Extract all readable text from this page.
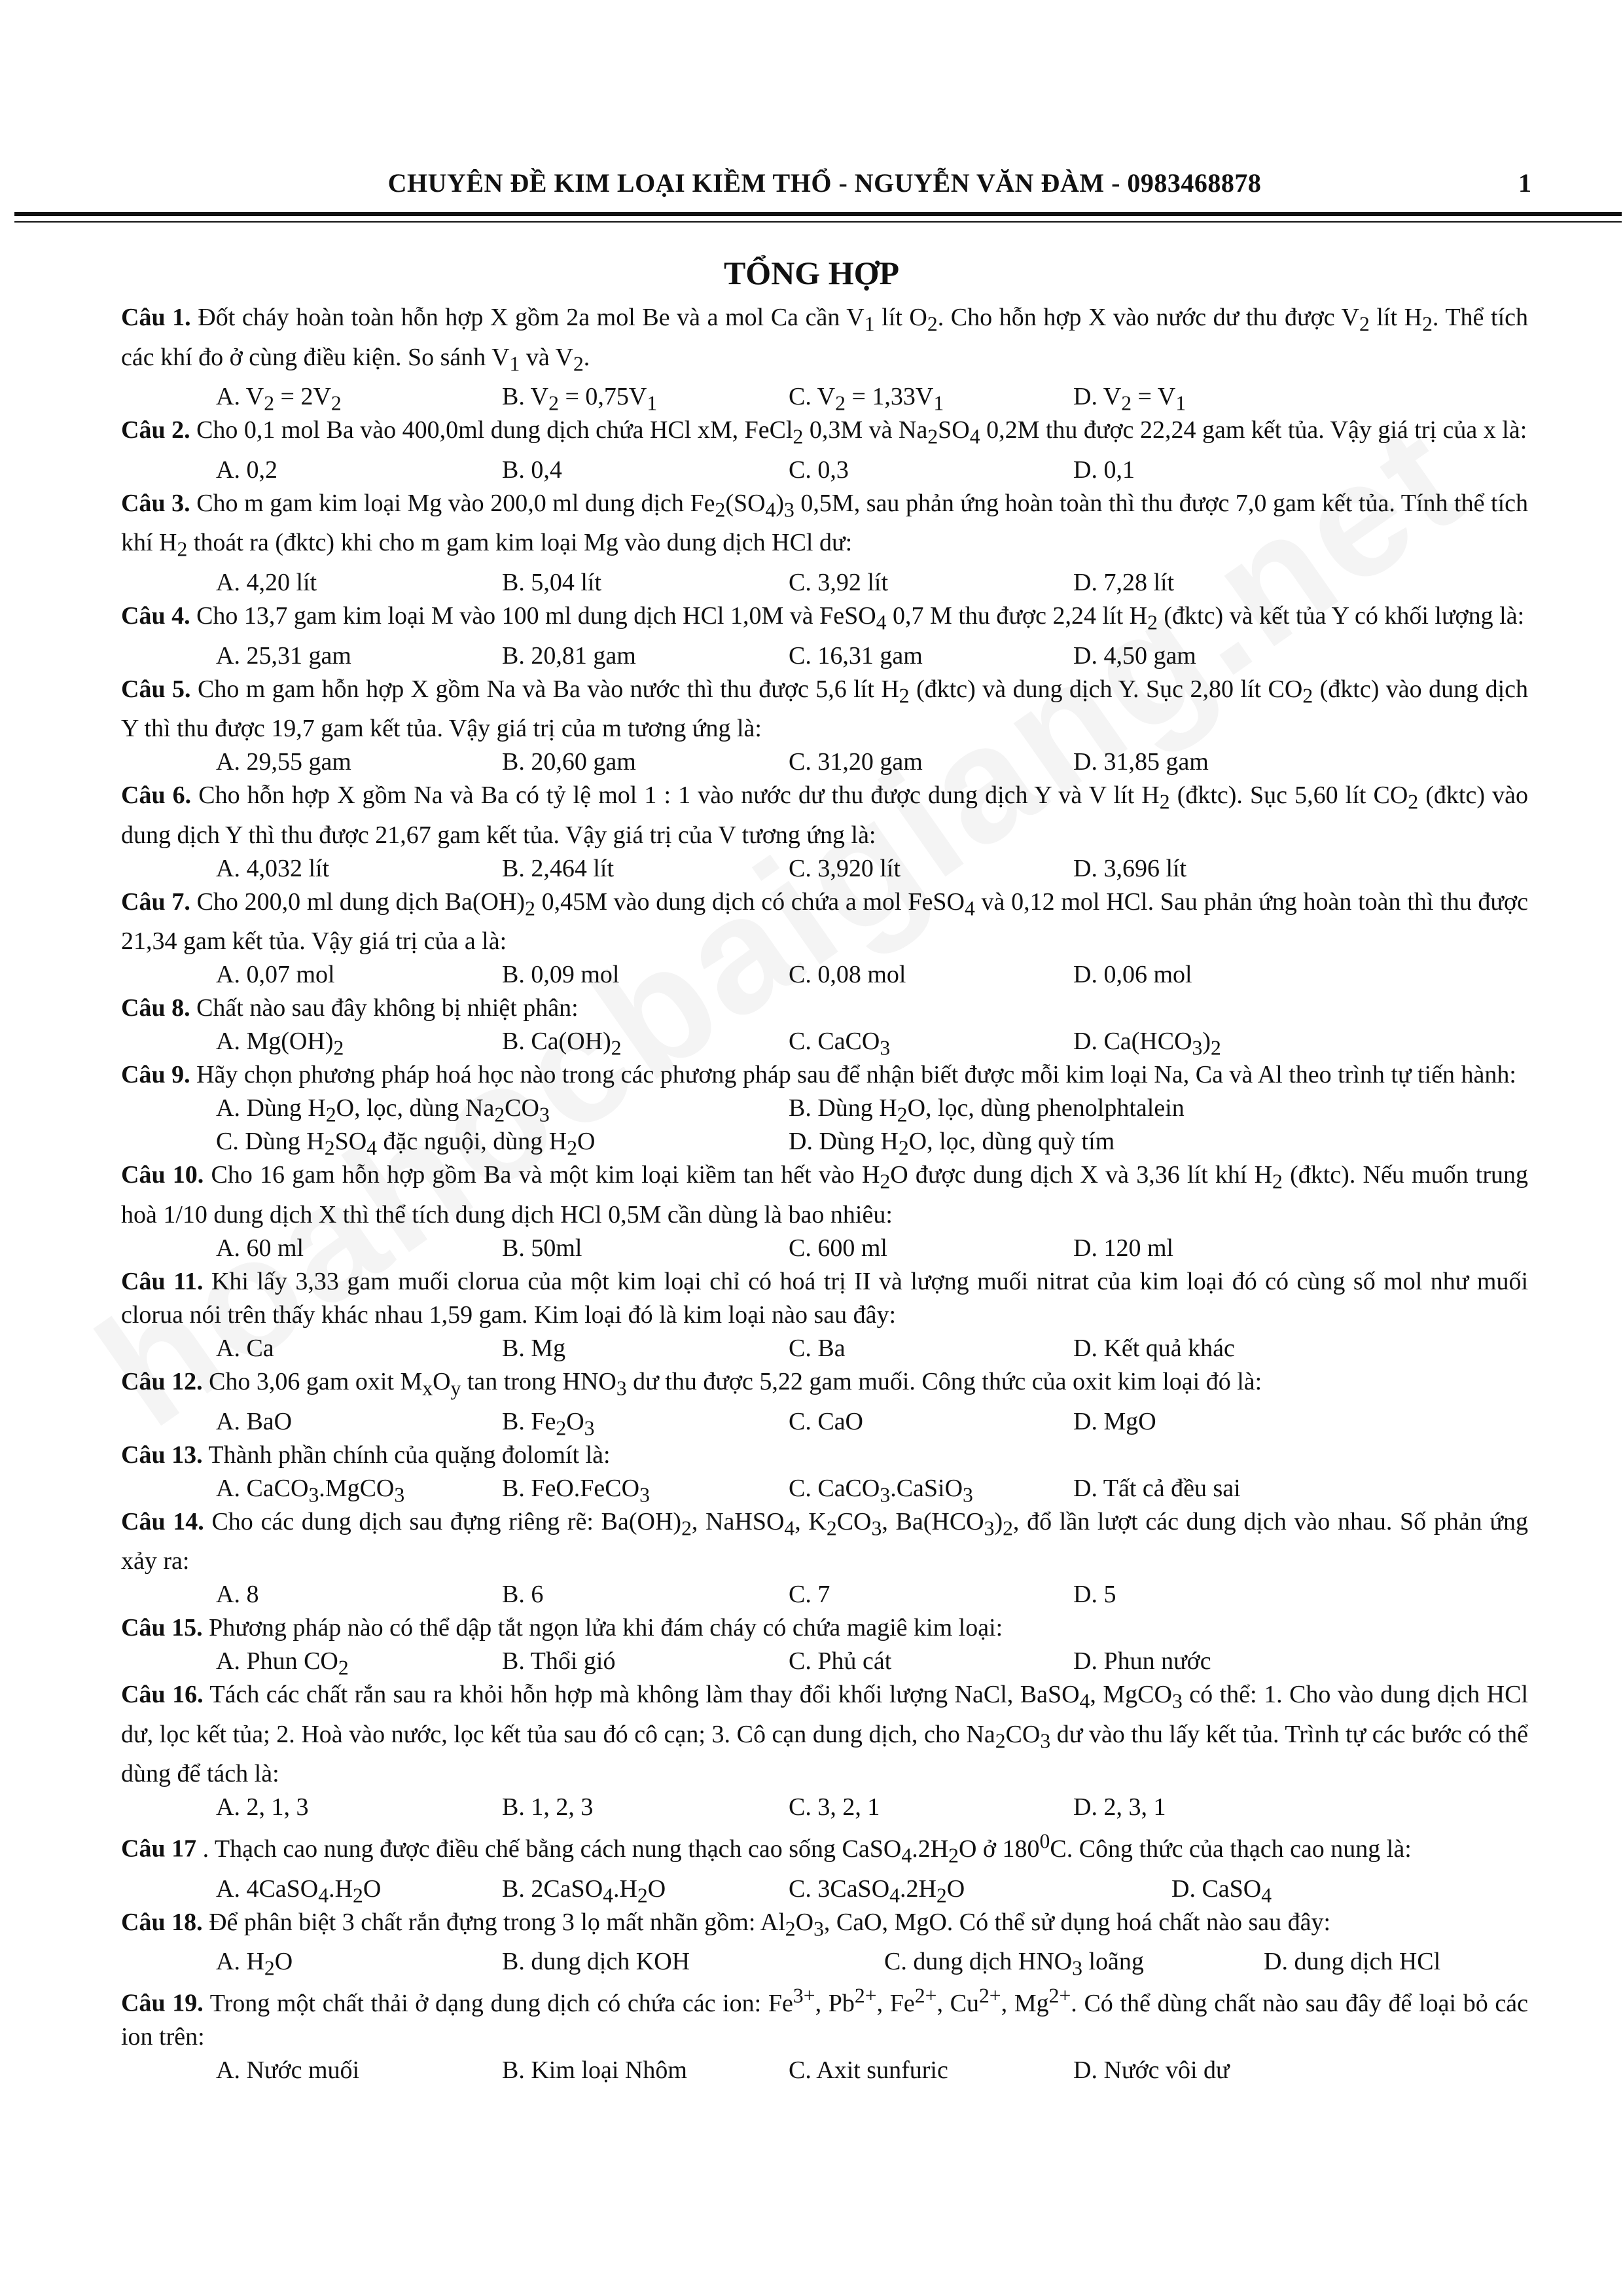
CHUYÊN ĐỀ KIM LOẠI KIỀM THỔ - NGUYỄN VĂN ĐÀM - 0983468878	1
TỔNG HỢP
Câu 1. Đốt cháy hoàn toàn hỗn hợp X gồm 2a mol Be và a mol Ca cần $V_1$ lít $O_2$. Cho hỗn hợp X vào nước dư thu được $V_2$ lít $H_2$. Thể tích các khí đo ở cùng điều kiện. So sánh $V_1$ và $V_2$.
A. $V_2 = 2V_2$	B. $V_2 = 0,75V_1$	C. $V_2 = 1,33V_1$	D. $V_2 = V_1$
Câu 2. Cho 0,1 mol Ba vào 400,0ml dung dịch chứa HCl xM, FeCl$_2$ 0,3M và $Na_2SO_4$ 0,2M thu được 22,24 gam kết tủa. Vậy giá trị của x là:
A. 0,2	B. 0,4	C. 0,3	D. 0,1
Câu 3. Cho m gam kim loại Mg vào 200,0 ml dung dịch $Fe_2(SO_4)_3$ 0,5M, sau phản ứng hoàn toàn thì thu được 7,0 gam kết tủa. Tính thể tích khí $H_2$ thoát ra (đktc) khi cho m gam kim loại Mg vào dung dịch HCl dư:
A. 4,20 lít	B. 5,04 lít	C. 3,92 lít	D. 7,28 lít
Câu 4. Cho 13,7 gam kim loại M vào 100 ml dung dịch HCl 1,0M và FeSO$_4$ 0,7 M thu được 2,24 lít $H_2$ (đktc) và kết tủa Y có khối lượng là:
A. 25,31 gam	B. 20,81 gam	C. 16,31 gam	D. 4,50 gam
Câu 5. Cho m gam hỗn hợp X gồm Na và Ba vào nước thì thu được 5,6 lít $H_2$ (đktc) và dung dịch Y. Sục 2,80 lít $CO_2$ (đktc) vào dung dịch Y thì thu được 19,7 gam kết tủa. Vậy giá trị của m tương ứng là:
A. 29,55 gam	B. 20,60 gam	C. 31,20 gam	D. 31,85 gam
Câu 6. Cho hỗn hợp X gồm Na và Ba có tỷ lệ mol 1 : 1 vào nước dư thu được dung dịch Y và V lít $H_2$ (đktc). Sục 5,60 lít $CO_2$ (đktc) vào dung dịch Y thì thu được 21,67 gam kết tủa. Vậy giá trị của V tương ứng là:
A. 4,032 lít	B. 2,464 lít	C. 3,920 lít	D. 3,696 lít
Câu 7. Cho 200,0 ml dung dịch $Ba(OH)_2$ 0,45M vào dung dịch có chứa a mol FeSO$_4$ và 0,12 mol HCl. Sau phản ứng hoàn toàn thì thu được 21,34 gam kết tủa. Vậy giá trị của a là:
A. 0,07 mol	B. 0,09 mol	C. 0,08 mol	D. 0,06 mol
Câu 8. Chất nào sau đây không bị nhiệt phân:
A. $Mg(OH)_2$	B. $Ca(OH)_2$	C. CaCO$_3$	D. $Ca(HCO_3)_2$
Câu 9. Hãy chọn phương pháp hoá học nào trong các phương pháp sau để nhận biết được mỗi kim loại Na, Ca và Al theo trình tự tiến hành:
A. Dùng $H_2O$, lọc, dùng $Na_2CO_3$	B. Dùng $H_2O$, lọc, dùng phenolphtalein
C. Dùng $H_2SO_4$ đặc nguội, dùng $H_2O$	D. Dùng $H_2O$, lọc, dùng quỳ tím
Câu 10. Cho 16 gam hỗn hợp gồm Ba và một kim loại kiềm tan hết vào $H_2O$ được dung dịch X và 3,36 lít khí $H_2$ (đktc). Nếu muốn trung hoà 1/10 dung dịch X thì thể tích dung dịch HCl 0,5M cần dùng là bao nhiêu:
A. 60 ml	B. 50ml	C. 600 ml	D. 120 ml
Câu 11. Khi lấy 3,33 gam muối clorua của một kim loại chỉ có hoá trị II và lượng muối nitrat của kim loại đó có cùng số mol như muối clorua nói trên thấy khác nhau 1,59 gam. Kim loại đó là kim loại nào sau đây:
A. Ca	B. Mg	C. Ba	D. Kết quả khác
Câu 12. Cho 3,06 gam oxit $M_xO_y$ tan trong $HNO_3$ dư thu được 5,22 gam muối. Công thức của oxit kim loại đó là:
A. BaO	B. $Fe_2O_3$	C. CaO	D. MgO
Câu 13. Thành phần chính của quặng đolomít là:
A. CaCO$_3$.MgCO$_3$	B. FeO.FeCO$_3$	C. CaCO$_3$.CaSiO$_3$	D. Tất cả đều sai
Câu 14. Cho các dung dịch sau đựng riêng rẽ: $Ba(OH)_2$, NaHSO$_4$, $K_2CO_3$, $Ba(HCO_3)_2$, đổ lần lượt các dung dịch vào nhau. Số phản ứng xảy ra:
A. 8	B. 6	C. 7	D. 5
Câu 15. Phương pháp nào có thể dập tắt ngọn lửa khi đám cháy có chứa magiê kim loại:
A. Phun $CO_2$	B. Thổi gió	C. Phủ cát	D. Phun nước
Câu 16. Tách các chất rắn sau ra khỏi hỗn hợp mà không làm thay đổi khối lượng NaCl, BaSO$_4$, MgCO$_3$ có thể: 1. Cho vào dung dịch HCl dư, lọc kết tủa; 2. Hoà vào nước, lọc kết tủa sau đó cô cạn; 3. Cô cạn dung dịch, cho $Na_2CO_3$ dư vào thu lấy kết tủa. Trình tự các bước có thể dùng để tách là:
A. 2, 1, 3	B. 1, 2, 3	C. 3, 2, 1	D. 2, 3, 1
Câu 17 . Thạch cao nung được điều chế bằng cách nung thạch cao sống $CaSO_4.2H_2O$ ở $180^0C$. Công thức của thạch cao nung là:
A. $4CaSO_4.H_2O$	B. $2CaSO_4.H_2O$	C. $3CaSO_4.2H_2O$	D. CaSO$_4$
Câu 18. Để phân biệt 3 chất rắn đựng trong 3 lọ mất nhãn gồm: $Al_2O_3$, CaO, MgO. Có thể sử dụng hoá chất nào sau đây:
A. $H_2O$	B. dung dịch KOH	C. dung dịch $HNO_3$ loãng	D. dung dịch HCl
Câu 19. Trong một chất thải ở dạng dung dịch có chứa các ion: $Fe^{3+}$, $Pb^{2+}$, $Fe^{2+}$, $Cu^{2+}$, $Mg^{2+}$. Có thể dùng chất nào sau đây để loại bỏ các ion trên:
A. Nước muối	B. Kim loại Nhôm	C. Axit sunfuric	D. Nước vôi dư
